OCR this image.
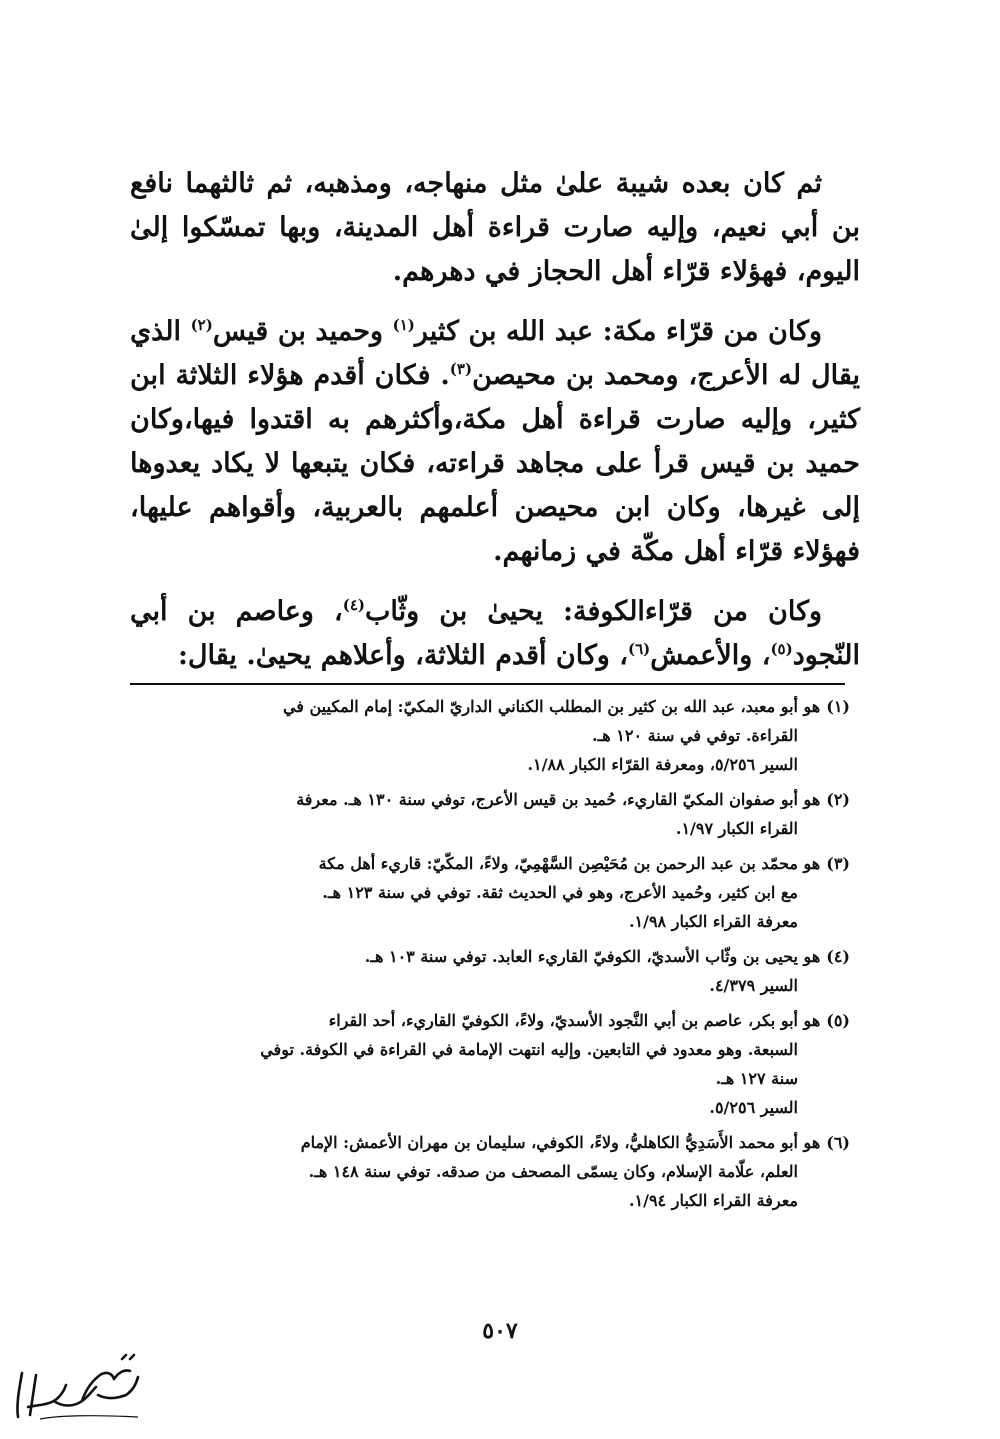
ثم كان بعده شيبة علىٰ مثل منهاجه، ومذهبه، ثم ثالثهما نافع بن أبي نعيم، وإليه صارت قراءة أهل المدينة، وبها تمسّكوا إلىٰ اليوم، فهؤلاء قرّاء أهل الحجاز في دهرهم.

وكان من قرّاء مكة: عبد الله بن كثير$^{(١)}$ وحميد بن قيس$^{(٢)}$ الذي يقال له الأعرج، ومحمد بن محيصن$^{(٣)}$. فكان أقدم هؤلاء الثلاثة ابن كثير، وإليه صارت قراءة أهل مكة،وأكثرهم به اقتدوا فيها،وكان حميد بن قيس قرأ على مجاهد قراءته، فكان يتبعها لا يكاد يعدوها إلى غيرها، وكان ابن محيصن أعلمهم بالعربية، وأقواهم عليها، فهؤلاء قرّاء أهل مكّة في زمانهم.

وكان من قرّاءالكوفة: يحيىٰ بن وثّاب$^{(٤)}$، وعاصم بن أبي النّجود$^{(٥)}$، والأعمش$^{(٦)}$، وكان أقدم الثلاثة، وأعلاهم يحيىٰ. يقال:

(١)هو أبو معبد، عبد الله بن كثير بن المطلب الكناني الداريّ المكيّ: إمام المكيين في
القراءة. توفي في سنة ١٢٠ هـ.
السير ٥/٢٥٦، ومعرفة القرّاء الكبار ١/٨٨.
(٢)هو أبو صفوان المكيّ القاريء، حُميد بن قيس الأعرج، توفي سنة ١٣٠ هـ. معرفة
القراء الكبار ١/٩٧.
(٣)هو محمّد بن عبد الرحمن بن مُحَيْصِن السَّهْمِيّ، ولاءً، المكّيّ: قاريء أهل مكة
مع ابن كثير، وحُميد الأعرج، وهو في الحديث ثقة. توفي في سنة ١٢٣ هـ.
معرفة القراء الكبار ١/٩٨.
(٤)هو يحيى بن وثّاب الأسديّ، الكوفيّ القاريء العابد. توفي سنة ١٠٣ هـ.
السير ٤/٣٧٩.
(٥)هو أبو بكر، عاصم بن أبي النَّجود الأسديّ، ولاءً، الكوفيّ القاريء، أحد القراء
السبعة. وهو معدود في التابعين. وإليه انتهت الإمامة في القراءة في الكوفة. توفي
سنة ١٢٧ هـ.
السير ٥/٢٥٦.
(٦)هو أبو محمد الأَسَدِيُّ الكاهليُّ، ولاءً، الكوفي، سليمان بن مهران الأعمش: الإمام
العلم، علّامة الإسلام، وكان يسمّى المصحف من صدقه. توفي سنة ١٤٨ هـ.
معرفة القراء الكبار ١/٩٤.
٥٠٧
